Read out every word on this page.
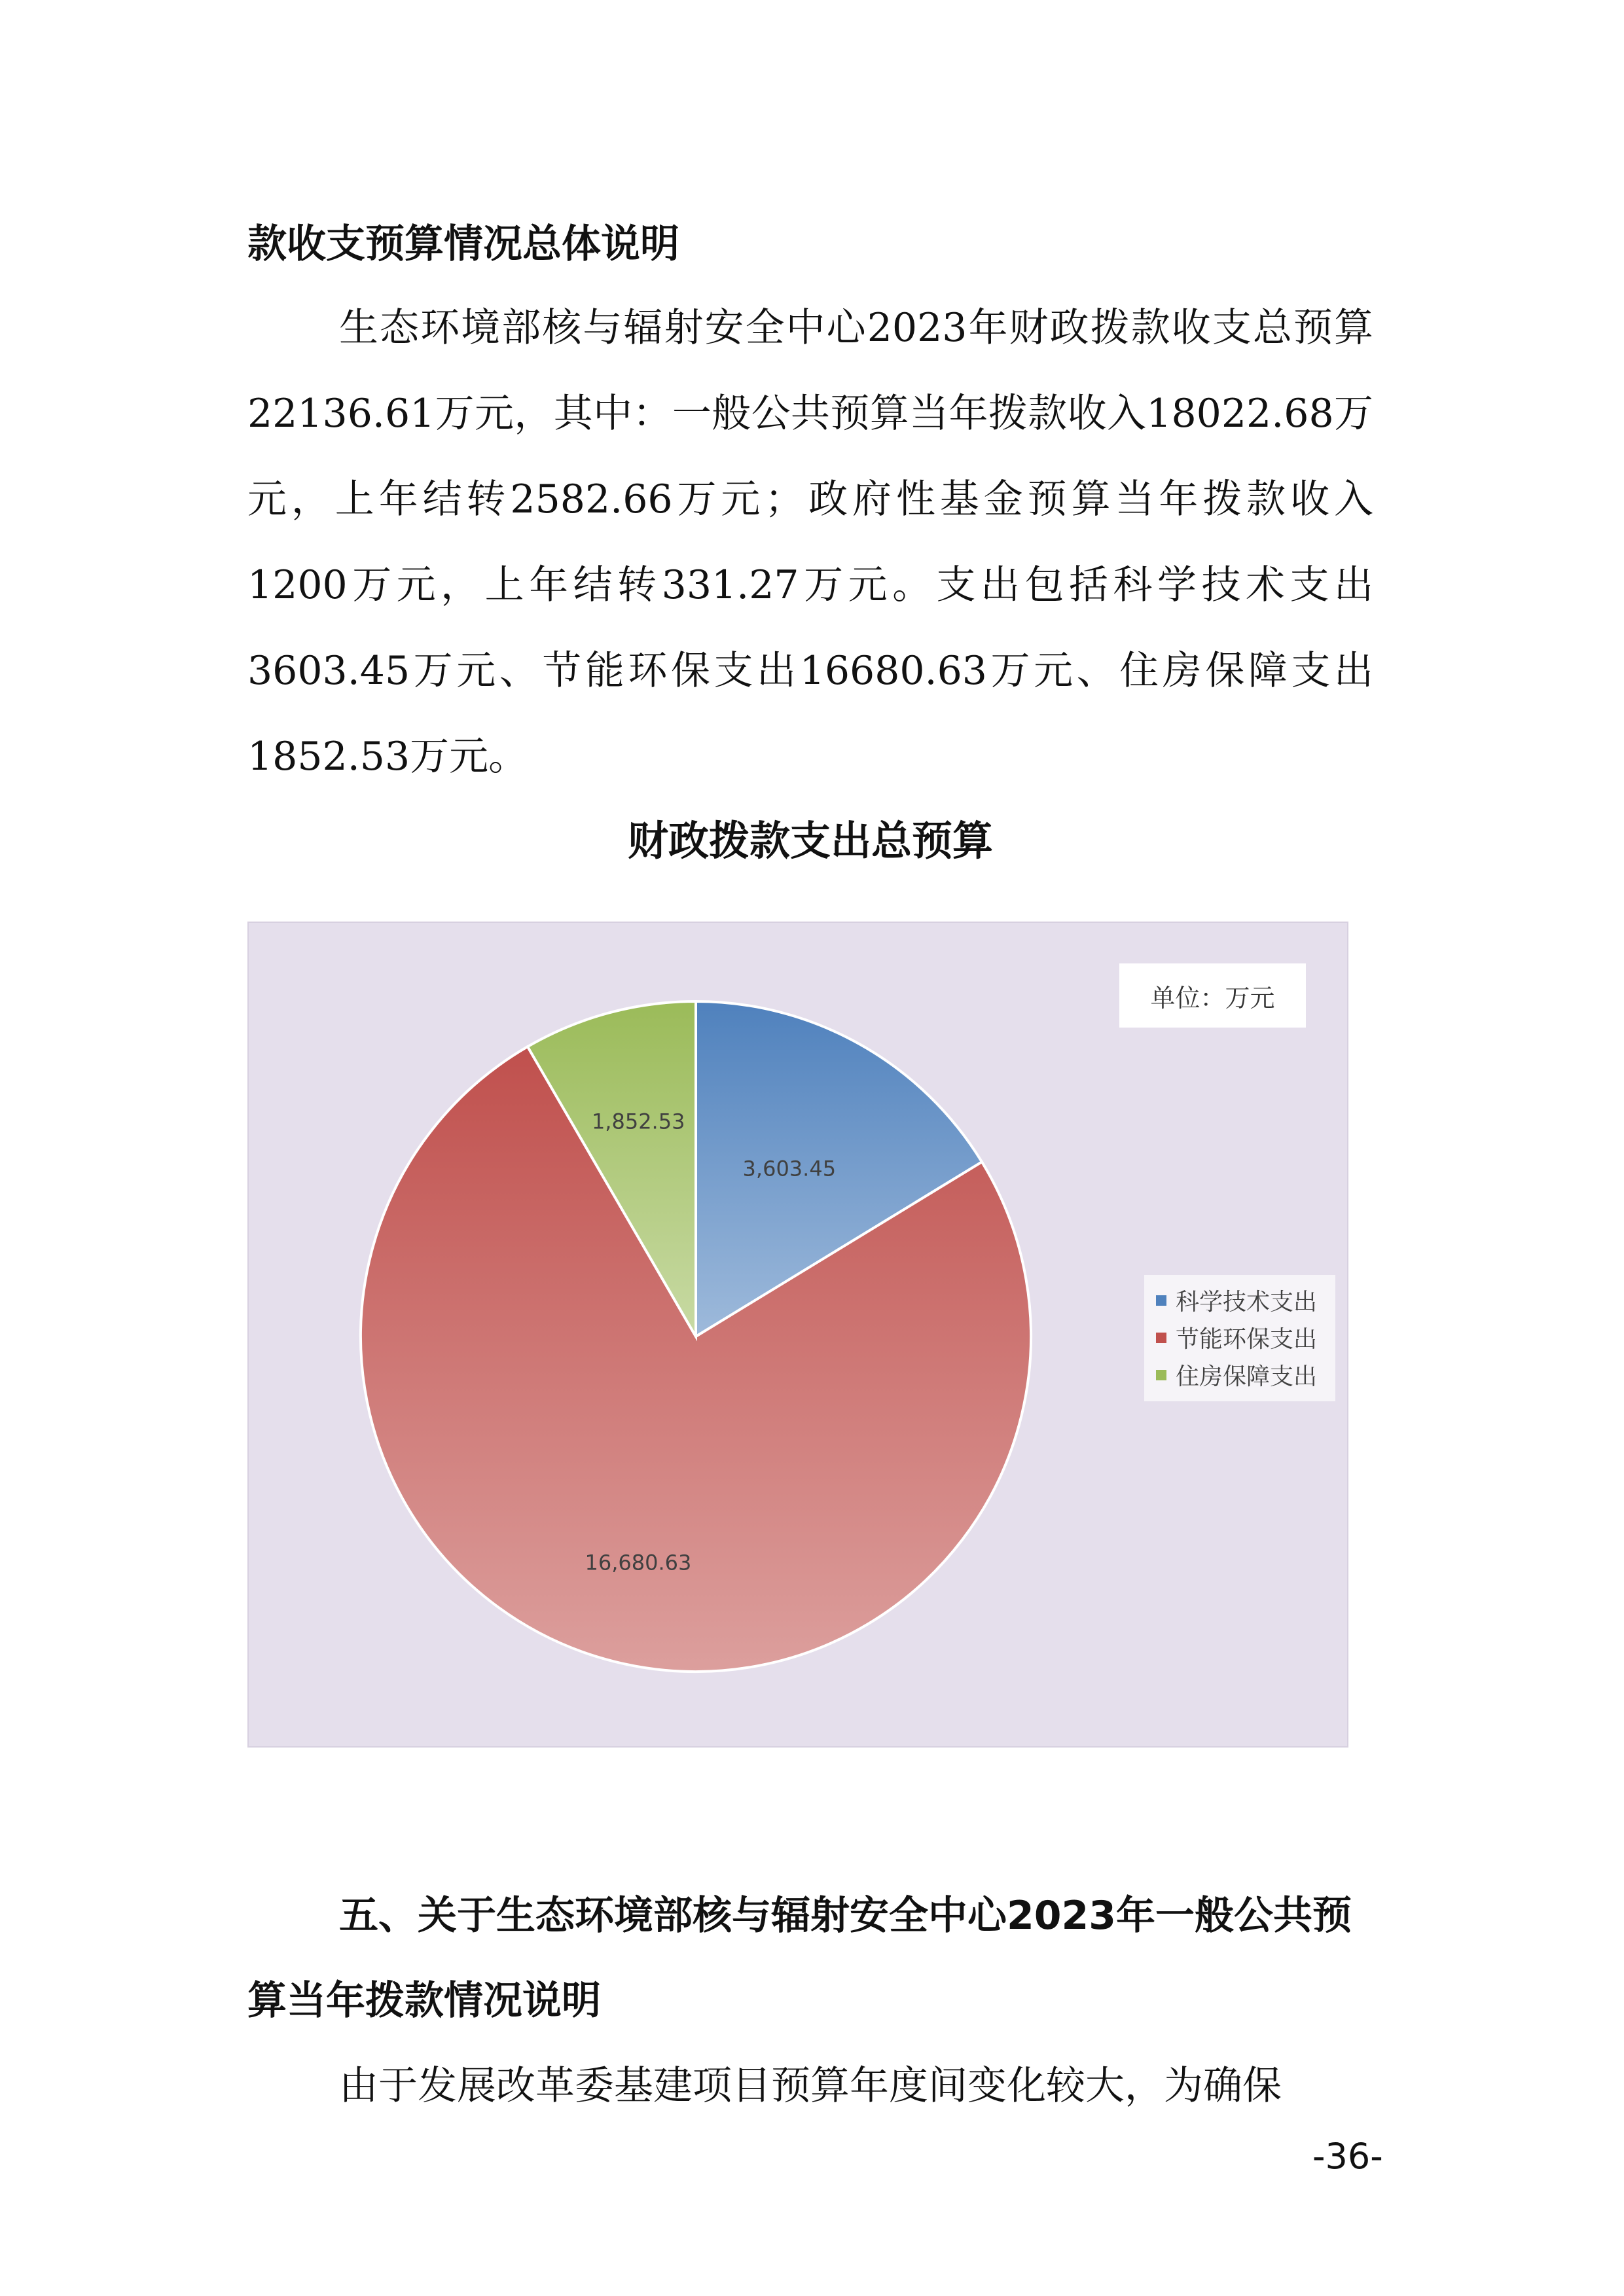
款收支预算情况总体说明

生态环境部核与辐射安全中心2023年财政拨款收支总预算22136.61万元，其中：一般公共预算当年拨款收入18022.68万元，上年结转2582.66万元；政府性基金预算当年拨款收入1200万元，上年结转331.27万元。支出包括科学技术支出3603.45万元、节能环保支出16680.63万元、住房保障支出1852.53万元。

财政拨款支出总预算
3,603.45
16,680.63
1,852.53
单位：万元
科学技术支出
节能环保支出
住房保障支出
五、关于生态环境部核与辐射安全中心2023年一般公共预算当年拨款情况说明

由于发展改革委基建项目预算年度间变化较大，为确保

-36-
